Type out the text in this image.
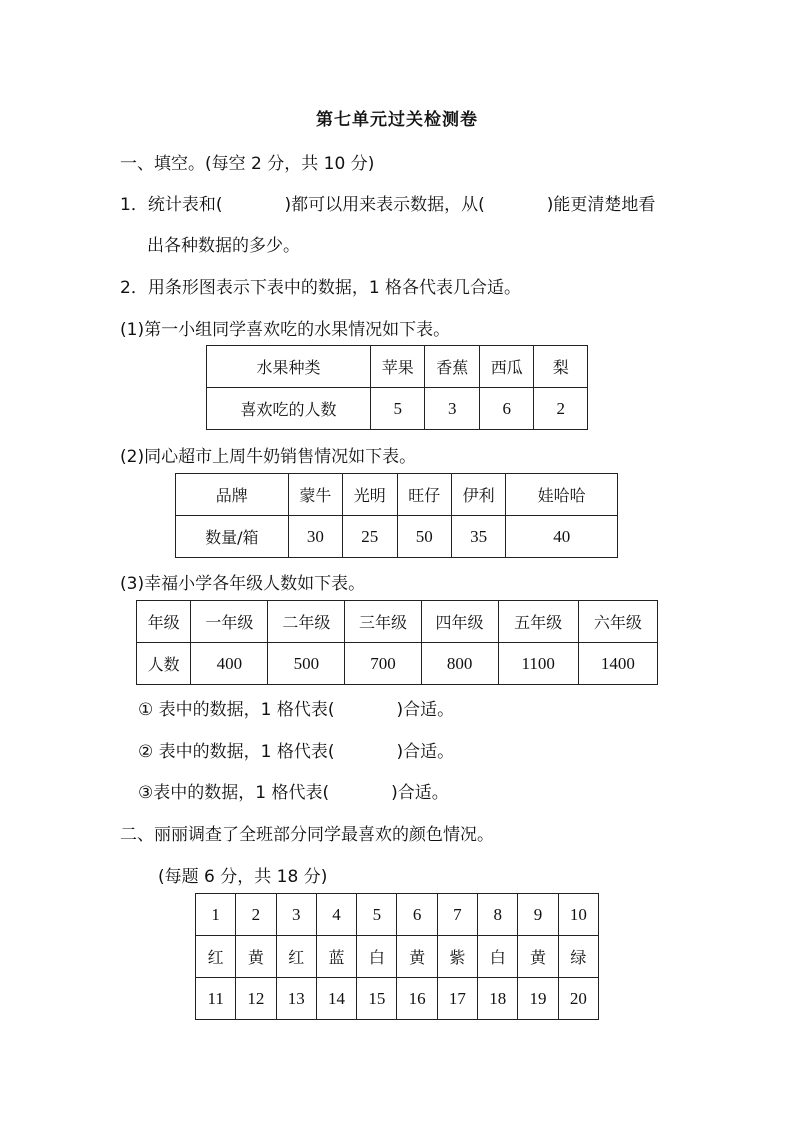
第七单元过关检测卷
一、填空。(每空 2 分，共 10 分)
1．统计表和(	)都可以用来表示数据，从(	)能更清楚地看
出各种数据的多少。
2．用条形图表示下表中的数据，1 格各代表几合适。
(1)第一小组同学喜欢吃的水果情况如下表。
水果种类	苹果	香蕉	西瓜	梨
喜欢吃的人数	5	3	6	2
(2)同心超市上周牛奶销售情况如下表。
品牌	蒙牛	光明	旺仔	伊利	娃哈哈
数量/箱	30	25	50	35	40
(3)幸福小学各年级人数如下表。
年级	一年级	二年级	三年级	四年级	五年级	六年级
人数	400	500	700	800	1100	1400
① 表中的数据，1 格代表(	)合适。
② 表中的数据，1 格代表(	)合适。
③表中的数据，1 格代表(	)合适。
二、丽丽调查了全班部分同学最喜欢的颜色情况。
(每题 6 分，共 18 分)
1	2	3	4	5	6	7	8	9	10
红	黄	红	蓝	白	黄	紫	白	黄	绿
11	12	13	14	15	16	17	18	19	20
